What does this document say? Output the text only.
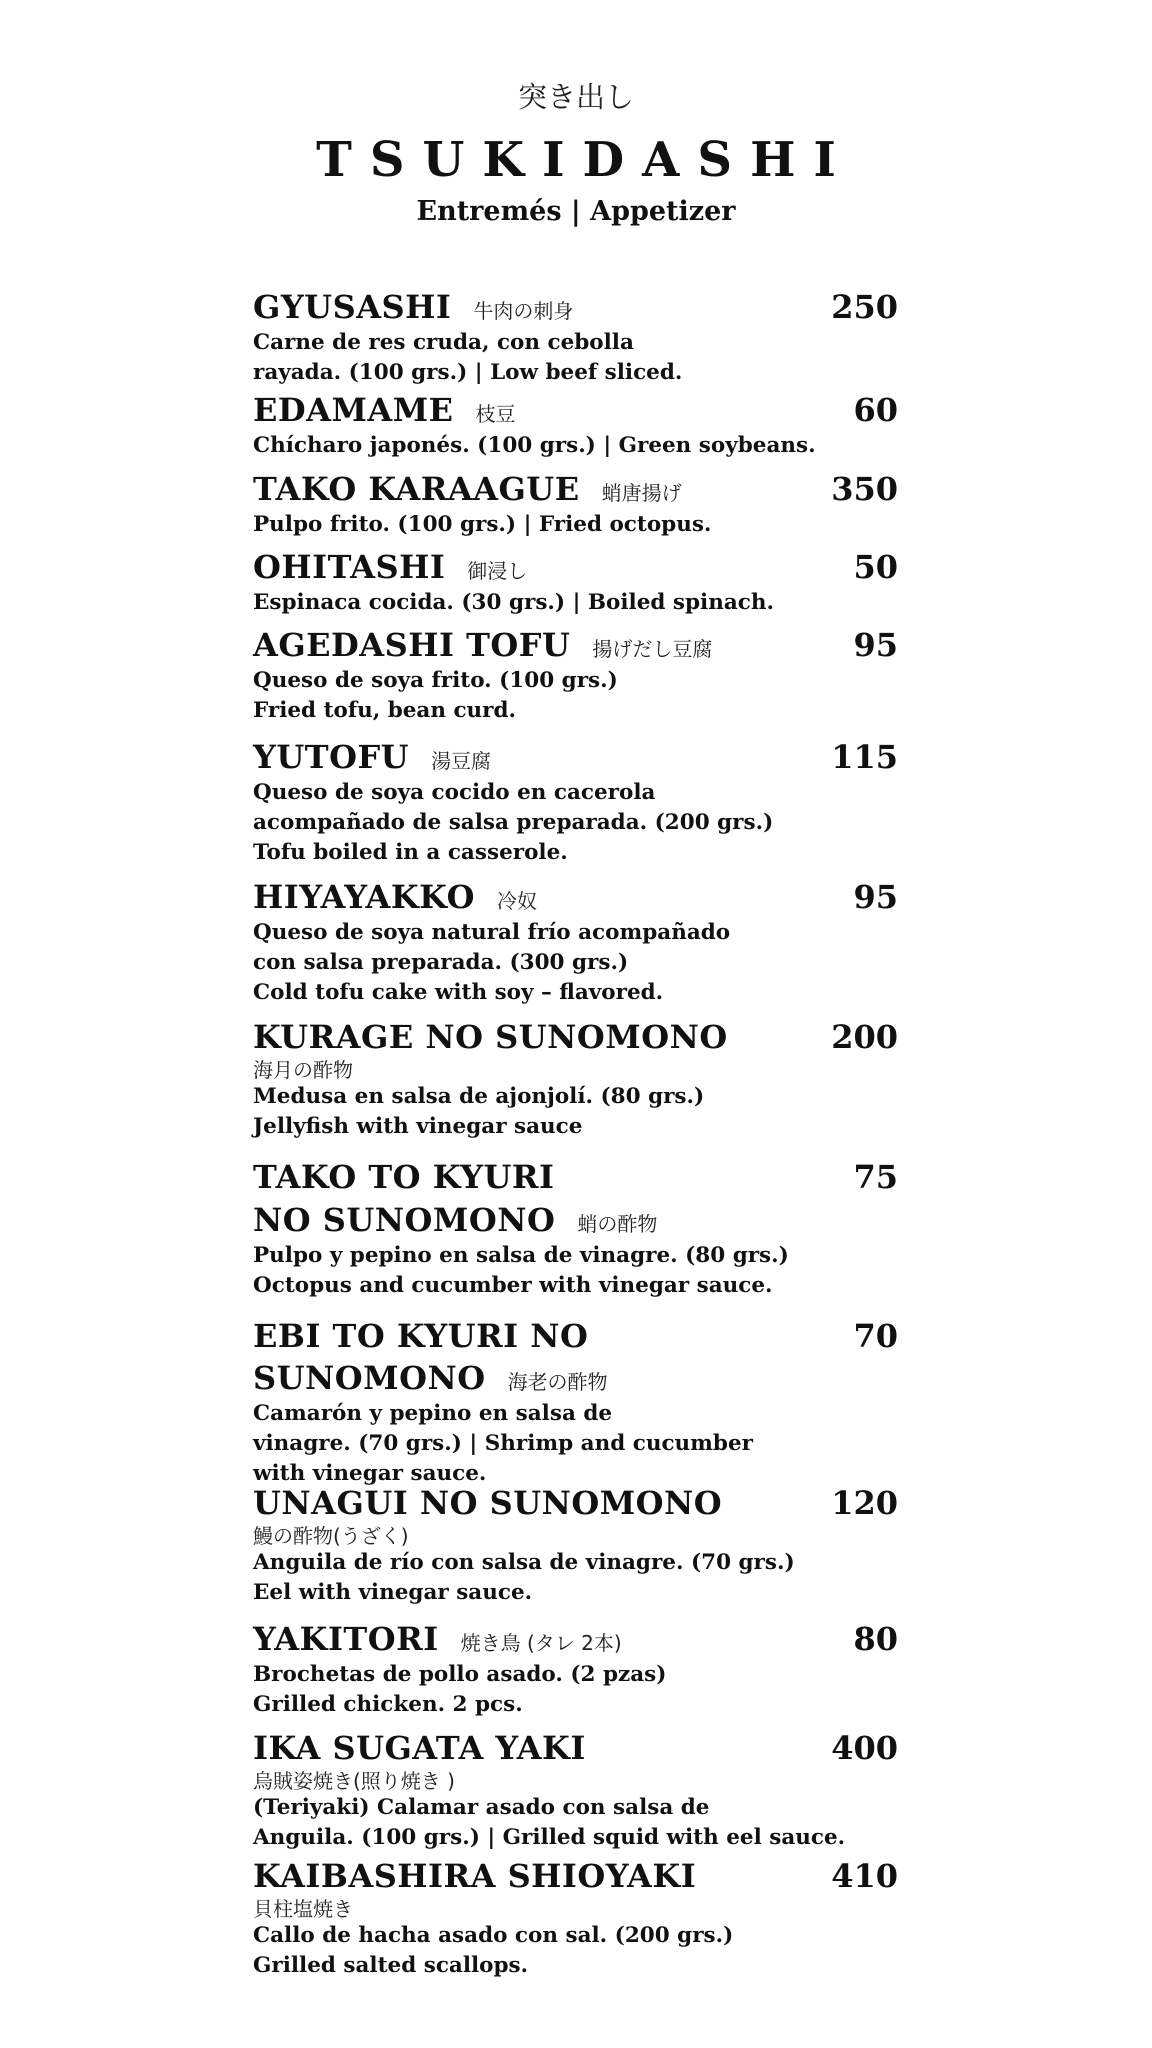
突き出し
TSUKIDASHI
Entremés | Appetizer
GYUSASHI 牛肉の刺身	250
Carne de res cruda, con cebolla
rayada. (100 grs.) | Low beef sliced.
EDAMAME 枝豆	60
Chícharo japonés. (100 grs.) | Green soybeans.
TAKO KARAAGUE 蛸唐揚げ	350
Pulpo frito. (100 grs.) | Fried octopus.
OHITASHI 御浸し	50
Espinaca cocida. (30 grs.) | Boiled spinach.
AGEDASHI TOFU 揚げだし豆腐	95
Queso de soya frito. (100 grs.)
Fried tofu, bean curd.
YUTOFU 湯豆腐	115
Queso de soya cocido en cacerola
acompañado de salsa preparada. (200 grs.)
Tofu boiled in a casserole.
HIYAYAKKO 冷奴	95
Queso de soya natural frío acompañado
con salsa preparada. (300 grs.)
Cold tofu cake with soy – flavored.
KURAGE NO SUNOMONO	200
海月の酢物
Medusa en salsa de ajonjolí. (80 grs.)
Jellyfish with vinegar sauce
TAKO TO KYURI	75
NO SUNOMONO 蛸の酢物
Pulpo y pepino en salsa de vinagre. (80 grs.)
Octopus and cucumber with vinegar sauce.
EBI TO KYURI NO	70
SUNOMONO 海老の酢物
Camarón y pepino en salsa de
vinagre. (70 grs.) | Shrimp and cucumber
with vinegar sauce.
UNAGUI NO SUNOMONO	120
鰻の酢物(うざく)
Anguila de río con salsa de vinagre. (70 grs.)
Eel with vinegar sauce.
YAKITORI 焼き鳥 (タレ 2本)	80
Brochetas de pollo asado. (2 pzas)
Grilled chicken. 2 pcs.
IKA SUGATA YAKI	400
烏賊姿焼き(照り焼き )
(Teriyaki) Calamar asado con salsa de
Anguila. (100 grs.) | Grilled squid with eel sauce.
KAIBASHIRA SHIOYAKI	410
貝柱塩焼き
Callo de hacha asado con sal. (200 grs.)
Grilled salted scallops.
